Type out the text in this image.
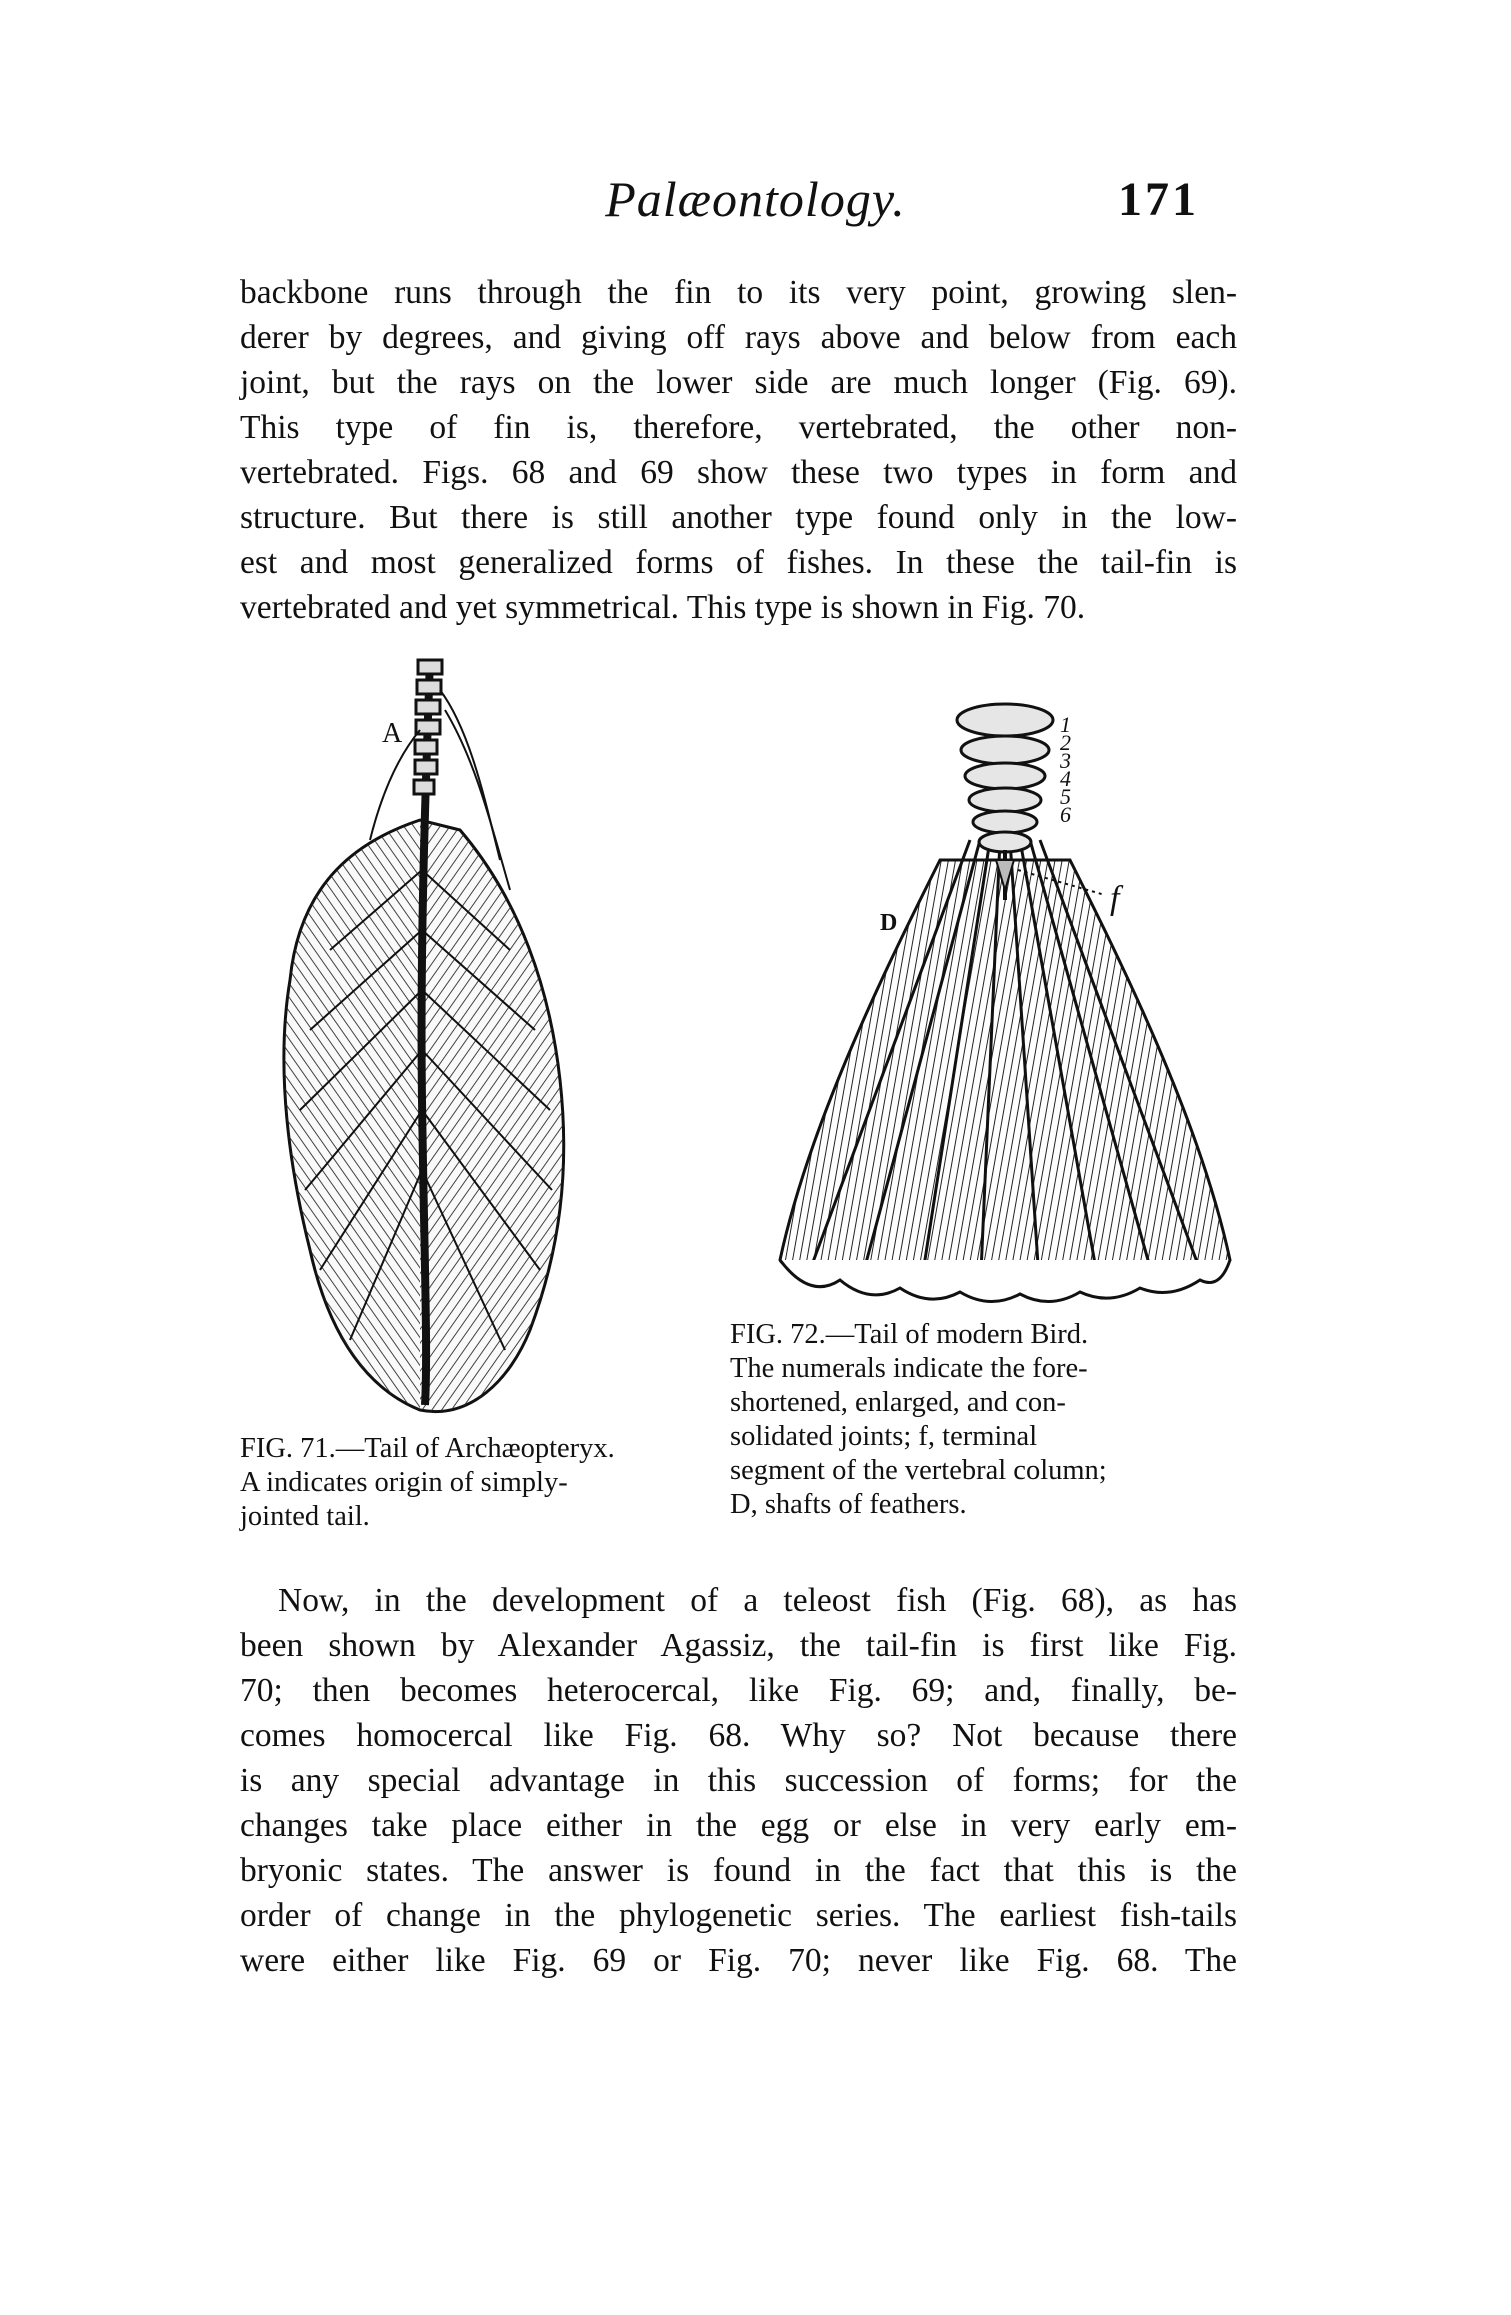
Palæontology.	171
backbone runs through the fin to its very point, growing slen-
derer by degrees, and giving off rays above and below from each
joint, but the rays on the lower side are much longer (Fig. 69).
This type of fin is, therefore, vertebrated, the other non-
vertebrated. Figs. 68 and 69 show these two types in form and
structure. But there is still another type found only in the low-
est and most generalized forms of fishes. In these the tail-fin is
vertebrated and yet symmetrical. This type is shown in Fig. 70.
A	1
2
3
4
5
6
D
f
FIG. 71.—Tail of Archæopteryx.
A indicates origin of simply-
jointed tail.
FIG. 72.—Tail of modern Bird.
The numerals indicate the fore-
shortened, enlarged, and con-
solidated joints; f, terminal
segment of the vertebral column;
D, shafts of feathers.
Now, in the development of a teleost fish (Fig. 68), as has
been shown by Alexander Agassiz, the tail-fin is first like Fig.
70; then becomes heterocercal, like Fig. 69; and, finally, be-
comes homocercal like Fig. 68. Why so? Not because there
is any special advantage in this succession of forms; for the
changes take place either in the egg or else in very early em-
bryonic states. The answer is found in the fact that this is the
order of change in the phylogenetic series. The earliest fish-tails
were either like Fig. 69 or Fig. 70; never like Fig. 68. The
